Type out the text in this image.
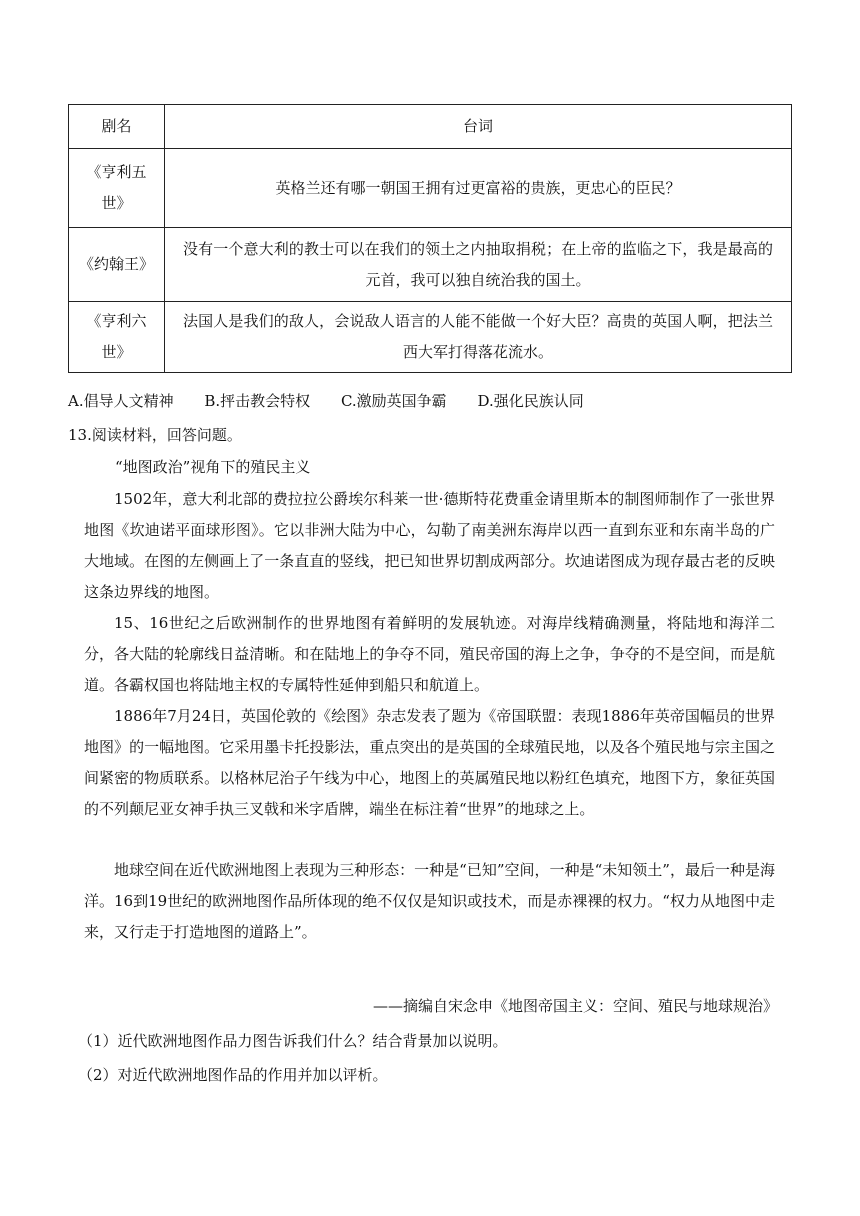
剧名	台词
《亨利五世》	英格兰还有哪一朝国王拥有过更富裕的贵族，更忠心的臣民？
《约翰王》	没有一个意大利的教士可以在我们的领土之内抽取捐税；在上帝的监临之下，我是最高的元首，我可以独自统治我的国土。
《亨利六世》	法国人是我们的敌人，会说敌人语言的人能不能做一个好大臣？高贵的英国人啊，把法兰西大军打得落花流水。
A.倡导人文精神 B.抨击教会特权 C.激励英国争霸 D.强化民族认同
13.阅读材料，回答问题。
“地图政治”视角下的殖民主义

1502年，意大利北部的费拉拉公爵埃尔科莱一世·德斯特花费重金请里斯本的制图师制作了一张世界地图《坎迪诺平面球形图》。它以非洲大陆为中心，勾勒了南美洲东海岸以西一直到东亚和东南半岛的广大地域。在图的左侧画上了一条直直的竖线，把已知世界切割成两部分。坎迪诺图成为现存最古老的反映这条边界线的地图。

15、16世纪之后欧洲制作的世界地图有着鲜明的发展轨迹。对海岸线精确测量，将陆地和海洋二分，各大陆的轮廓线日益清晰。和在陆地上的争夺不同，殖民帝国的海上之争，争夺的不是空间，而是航道。各霸权国也将陆地主权的专属特性延伸到船只和航道上。

1886年7月24日，英国伦敦的《绘图》杂志发表了题为《帝国联盟：表现1886年英帝国幅员的世界地图》的一幅地图。它采用墨卡托投影法，重点突出的是英国的全球殖民地，以及各个殖民地与宗主国之间紧密的物质联系。以格林尼治子午线为中心，地图上的英属殖民地以粉红色填充，地图下方，象征英国的不列颠尼亚女神手执三叉戟和米字盾牌，端坐在标注着“世界”的地球之上。

地球空间在近代欧洲地图上表现为三种形态：一种是“已知”空间，一种是“未知领土”，最后一种是海洋。16到19世纪的欧洲地图作品所体现的绝不仅仅是知识或技术，而是赤裸裸的权力。“权力从地图中走来，又行走于打造地图的道路上”。

——摘编自宋念申《地图帝国主义：空间、殖民与地球规治》
（1）近代欧洲地图作品力图告诉我们什么？结合背景加以说明。
（2）对近代欧洲地图作品的作用并加以评析。
